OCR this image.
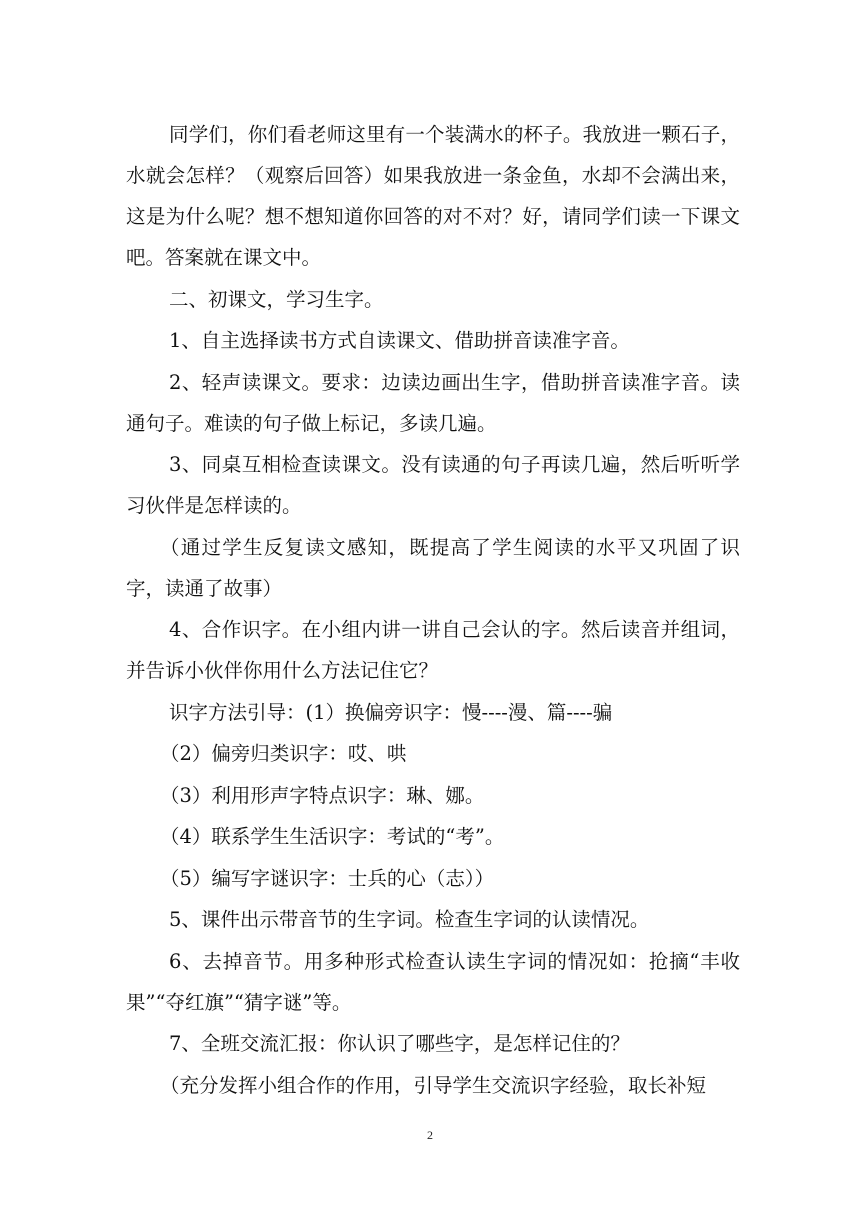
同学们，你们看老师这里有一个装满水的杯子。我放进一颗石子，水就会怎样？（观察后回答）如果我放进一条金鱼，水却不会满出来，这是为什么呢？想不想知道你回答的对不对？好，请同学们读一下课文吧。答案就在课文中。

二、初课文，学习生字。

1、自主选择读书方式自读课文、借助拼音读准字音。

2、轻声读课文。要求：边读边画出生字，借助拼音读准字音。读通句子。难读的句子做上标记，多读几遍。

3、同桌互相检查读课文。没有读通的句子再读几遍，然后听听学习伙伴是怎样读的。

（通过学生反复读文感知，既提高了学生阅读的水平又巩固了识字，读通了故事）

4、合作识字。在小组内讲一讲自己会认的字。然后读音并组词，并告诉小伙伴你用什么方法记住它？

识字方法引导：(1）换偏旁识字：慢----漫、篇----骗

（2）偏旁归类识字：哎、哄

（3）利用形声字特点识字：琳、娜。

（4）联系学生生活识字：考试的“考”。

（5）编写字谜识字：士兵的心（志））

5、课件出示带音节的生字词。检查生字词的认读情况。

6、去掉音节。用多种形式检查认读生字词的情况如：抢摘“丰收果”“夺红旗”“猜字谜”等。

7、全班交流汇报：你认识了哪些字，是怎样记住的？

（充分发挥小组合作的作用，引导学生交流识字经验，取长补短

2
